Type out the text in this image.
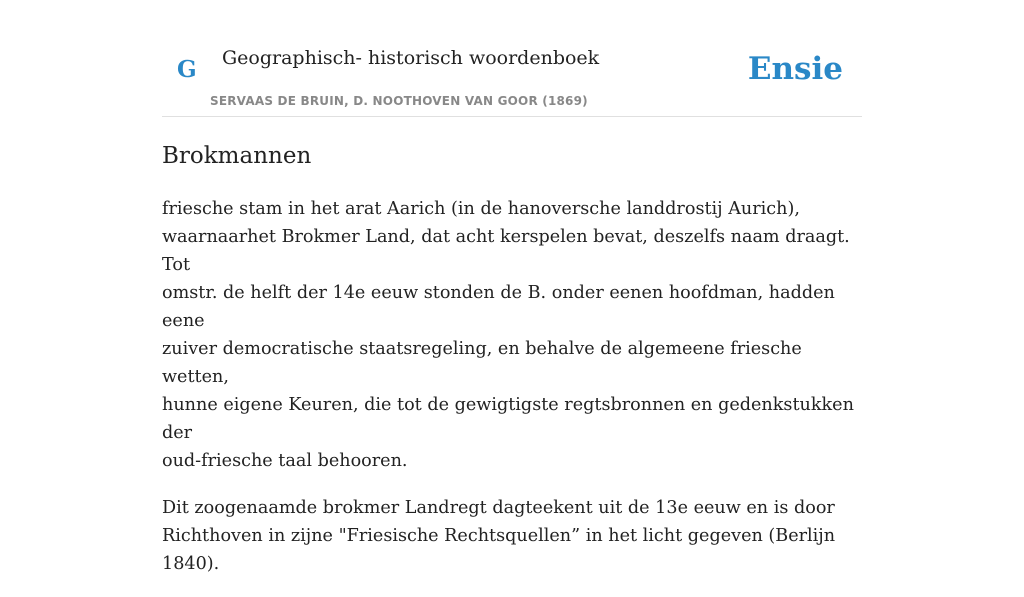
G Geographisch- historisch woordenboek
SERVAAS DE BRUIN, D. NOOTHOVEN VAN GOOR (1869)
Ensie
Brokmannen

friesche stam in het arat Aarich (in de hanoversche landdrostij Aurich),
waarnaarhet Brokmer Land, dat acht kerspelen bevat, deszelfs naam draagt. Tot
omstr. de helft der 14e eeuw stonden de B. onder eenen hoofdman, hadden eene
zuiver democratische staatsregeling, en behalve de algemeene friesche wetten,
hunne eigene Keuren, die tot de gewigtigste regtsbronnen en gedenkstukken der
oud-friesche taal behooren.

Dit zoogenaamde brokmer Landregt dagteekent uit de 13e eeuw en is door
Richthoven in zijne "Friesische Rechtsquellen” in het licht gegeven (Berlijn 1840).
